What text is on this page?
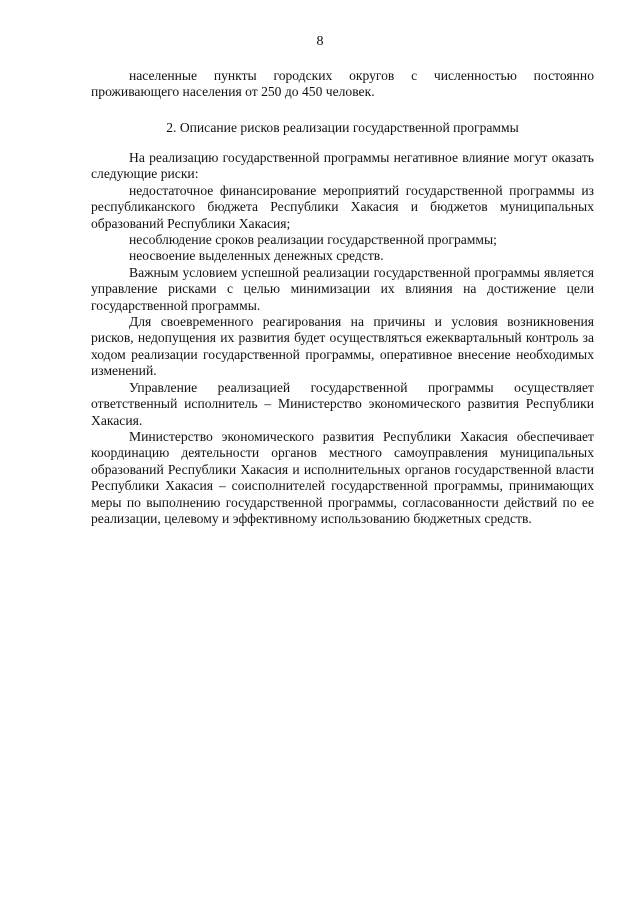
8

населенные пункты городских округов с численностью постоянно проживающего населения от 250 до 450 человек.

2. Описание рисков реализации государственной программы

На реализацию государственной программы негативное влияние могут оказать следующие риски:

недостаточное финансирование мероприятий государственной программы из республиканского бюджета Республики Хакасия и бюджетов муниципальных образований Республики Хакасия;

несоблюдение сроков реализации государственной программы;

неосвоение выделенных денежных средств.

Важным условием успешной реализации государственной программы является управление рисками с целью минимизации их влияния на достижение цели государственной программы.

Для своевременного реагирования на причины и условия возникновения рисков, недопущения их развития будет осуществляться ежеквартальный контроль за ходом реализации государственной программы, оперативное внесение необходимых изменений.

Управление реализацией государственной программы осуществляет ответственный исполнитель – Министерство экономического развития Республики Хакасия.

Министерство экономического развития Республики Хакасия обеспечивает координацию деятельности органов местного самоуправления муниципальных образований Республики Хакасия и исполнительных органов государственной власти Республики Хакасия – соисполнителей государственной программы, принимающих меры по выполнению государственной программы, согласованности действий по ее реализации, целевому и эффективному использованию бюджетных средств.
